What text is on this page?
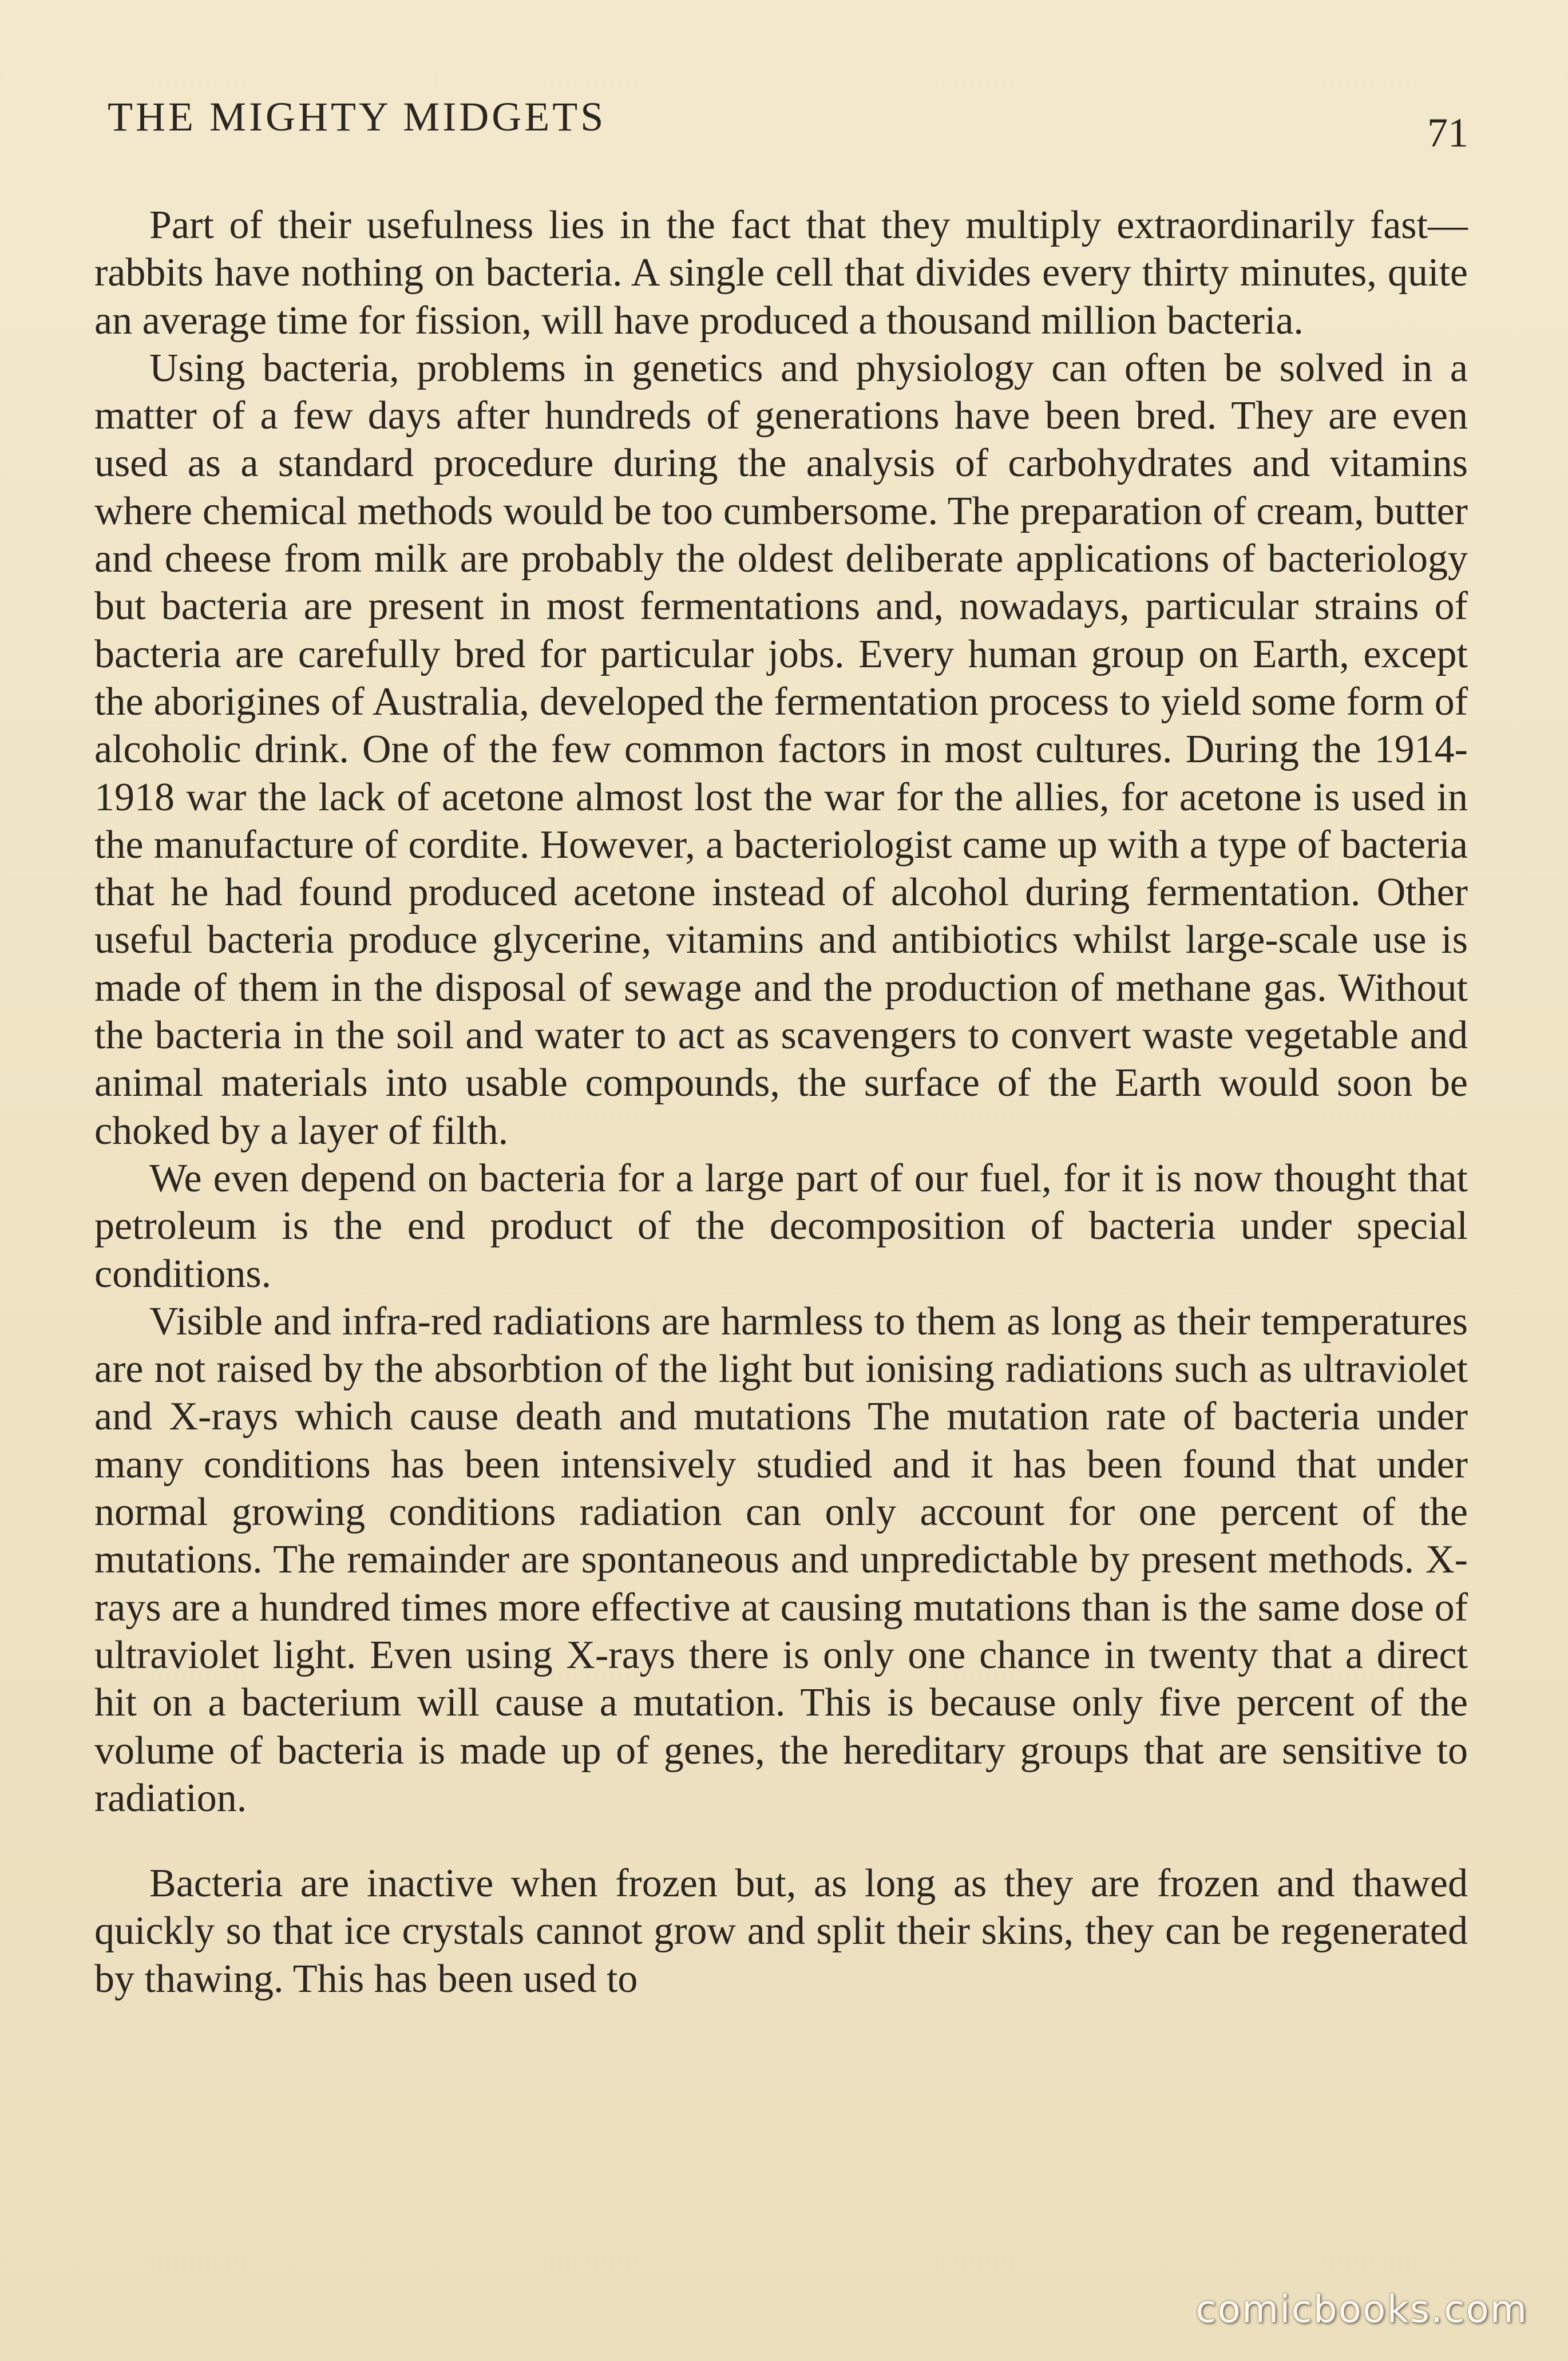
THE MIGHTY MIDGETS	71

Part of their usefulness lies in the fact that they multiply extraordinarily fast—rabbits have nothing on bacteria. A single cell that divides every thirty minutes, quite an average time for fission, will have produced a thousand million bacteria.

Using bacteria, problems in genetics and physiology can often be solved in a matter of a few days after hundreds of generations have been bred. They are even used as a standard procedure during the analysis of carbohydrates and vitamins where chemical methods would be too cumbersome. The preparation of cream, butter and cheese from milk are probably the oldest deliberate applications of bacteriology but bacteria are present in most fermentations and, nowadays, particular strains of bacteria are carefully bred for particular jobs. Every human group on Earth, except the aborigines of Australia, developed the fermentation process to yield some form of alcoholic drink. One of the few common factors in most cultures. During the 1914-1918 war the lack of acetone almost lost the war for the allies, for acetone is used in the manufacture of cordite. However, a bacteriologist came up with a type of bacteria that he had found produced acetone instead of alcohol during fermentation. Other useful bacteria produce glycerine, vitamins and antibiotics whilst large-scale use is made of them in the disposal of sewage and the production of methane gas. Without the bacteria in the soil and water to act as scavengers to convert waste vegetable and animal materials into usable compounds, the surface of the Earth would soon be choked by a layer of filth.

We even depend on bacteria for a large part of our fuel, for it is now thought that petroleum is the end product of the decomposition of bacteria under special conditions.

Visible and infra-red radiations are harmless to them as long as their temperatures are not raised by the absorbtion of the light but ionising radiations such as ultraviolet and X-rays which cause death and mutations The mutation rate of bacteria under many conditions has been intensively studied and it has been found that under normal growing conditions radiation can only account for one percent of the mutations. The remainder are spontaneous and unpredictable by present methods. X-rays are a hundred times more effective at causing mutations than is the same dose of ultraviolet light. Even using X-rays there is only one chance in twenty that a direct hit on a bacterium will cause a mutation. This is because only five percent of the volume of bacteria is made up of genes, the hereditary groups that are sensitive to radiation.

Bacteria are inactive when frozen but, as long as they are frozen and thawed quickly so that ice crystals cannot grow and split their skins, they can be regenerated by thawing. This has been used to

comicbooks.com
